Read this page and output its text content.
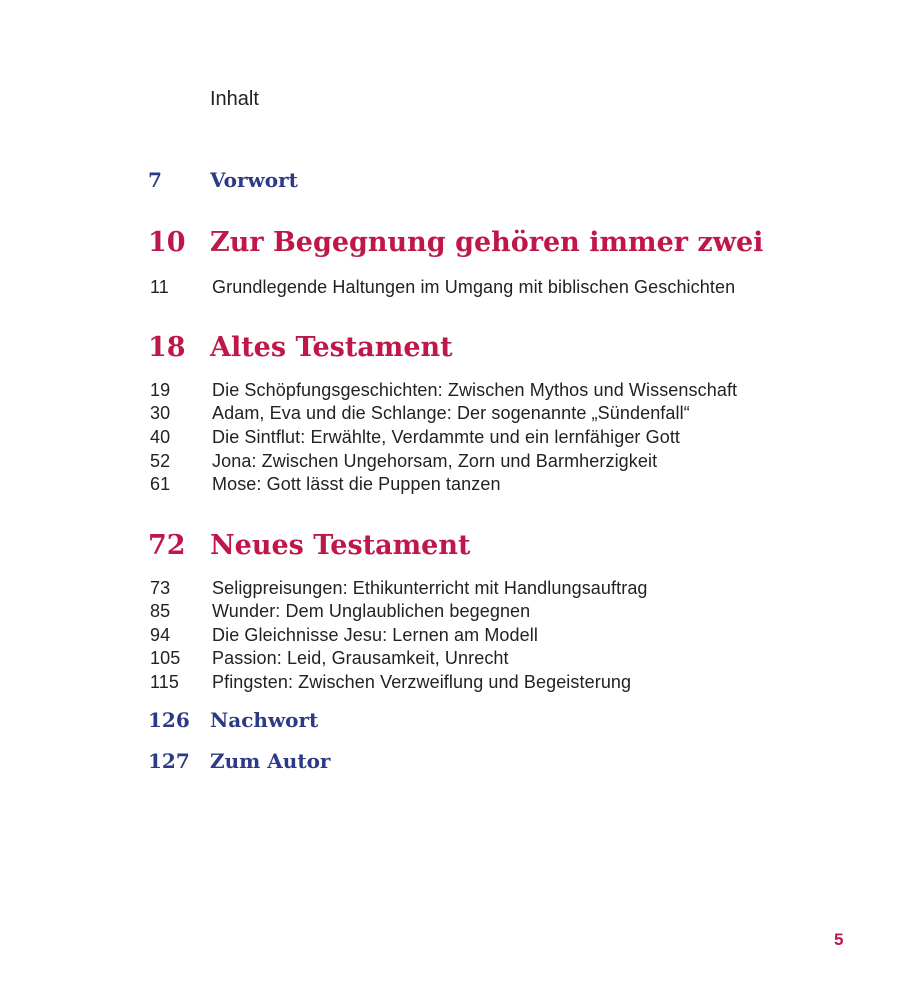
Inhalt
7	Vorwort
10 Zur Begegnung gehören immer zwei
11	Grundlegende Haltungen im Umgang mit biblischen Geschichten
18 Altes Testament
19	Die Schöpfungsgeschichten: Zwischen Mythos und Wissenschaft
30	Adam, Eva und die Schlange: Der sogenannte „Sündenfall“
40	Die Sintflut: Erwählte, Verdammte und ein lernfähiger Gott
52	Jona: Zwischen Ungehorsam, Zorn und Barmherzigkeit
61	Mose: Gott lässt die Puppen tanzen
72 Neues Testament
73	Seligpreisungen: Ethikunterricht mit Handlungsauftrag
85	Wunder: Dem Unglaublichen begegnen
94	Die Gleichnisse Jesu: Lernen am Modell
105	Passion: Leid, Grausamkeit, Unrecht
115	Pfingsten: Zwischen Verzweiflung und Begeisterung
126	Nachwort
127	Zum Autor
5
